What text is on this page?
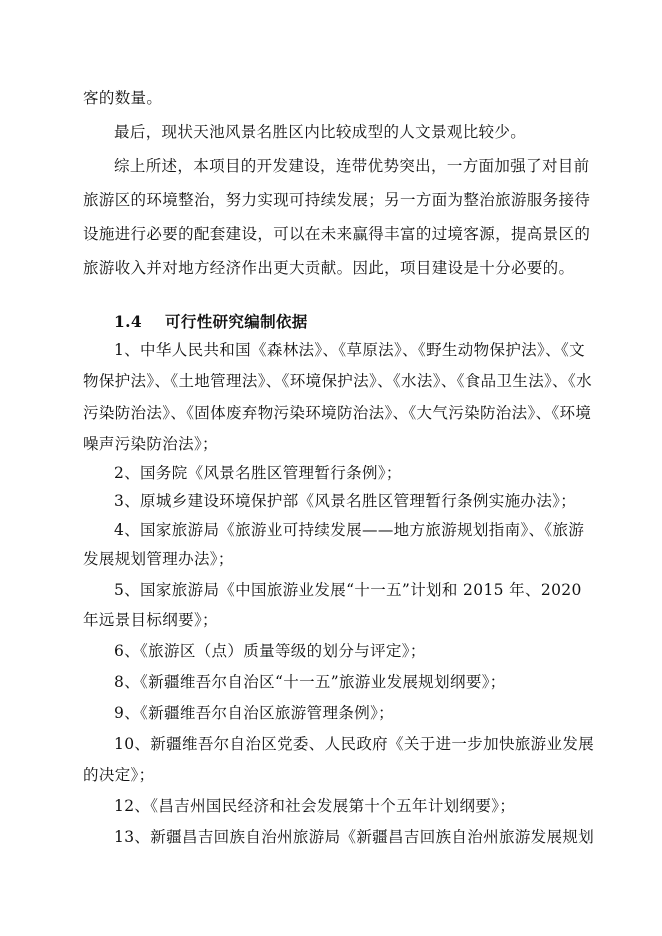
客的数量。
最后，现状天池风景名胜区内比较成型的人文景观比较少。
综上所述，本项目的开发建设，连带优势突出，一方面加强了对目前
旅游区的环境整治，努力实现可持续发展；另一方面为整治旅游服务接待
设施进行必要的配套建设，可以在未来赢得丰富的过境客源，提高景区的
旅游收入并对地方经济作出更大贡献。因此，项目建设是十分必要的。
1.4    可行性研究编制依据
1、中华人民共和国《森林法》、《草原法》、《野生动物保护法》、《文
物保护法》、《土地管理法》、《环境保护法》、《水法》、《食品卫生法》、《水
污染防治法》、《固体废弃物污染环境防治法》、《大气污染防治法》、《环境
噪声污染防治法》；
2、国务院《风景名胜区管理暂行条例》；
3、原城乡建设环境保护部《风景名胜区管理暂行条例实施办法》；
4、国家旅游局《旅游业可持续发展——地方旅游规划指南》、《旅游
发展规划管理办法》；
5、国家旅游局《中国旅游业发展“十一五”计划和 2015 年、2020
年远景目标纲要》；
6、《旅游区（点）质量等级的划分与评定》；
8、《新疆维吾尔自治区“十一五”旅游业发展规划纲要》；
9、《新疆维吾尔自治区旅游管理条例》；
10、新疆维吾尔自治区党委、人民政府《关于进一步加快旅游业发展
的决定》；
12、《昌吉州国民经济和社会发展第十个五年计划纲要》；
13、新疆昌吉回族自治州旅游局《新疆昌吉回族自治州旅游发展规划
